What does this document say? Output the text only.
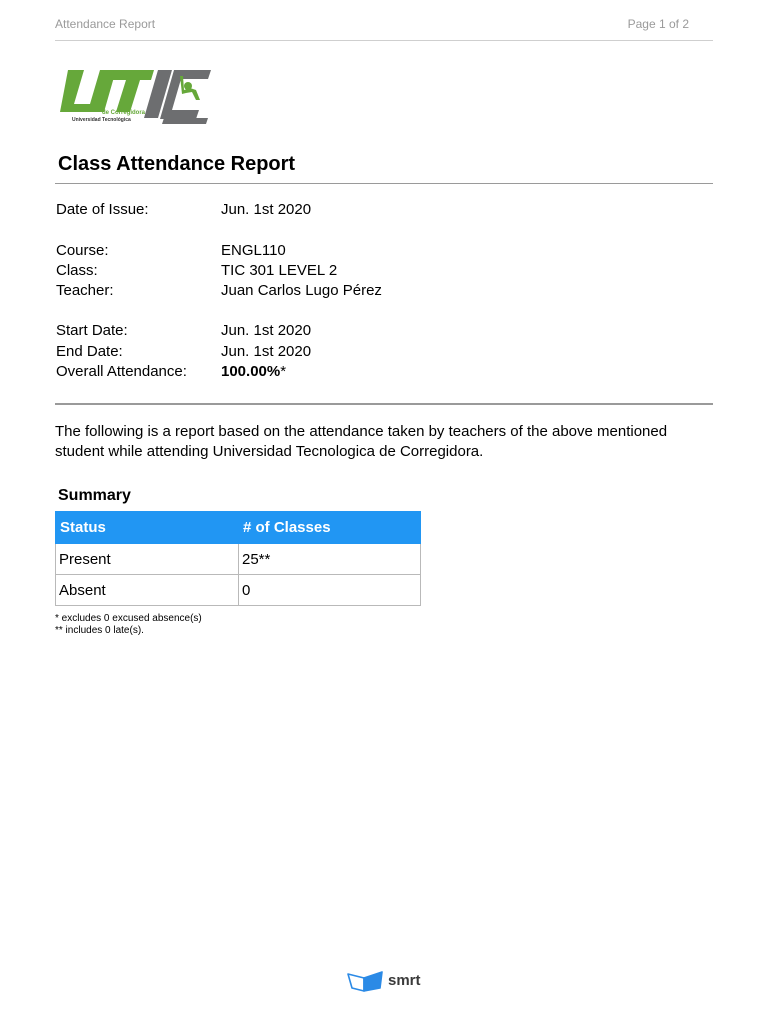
Attendance Report	Page 1 of 2
de Corregidora
Universidad Tecnológica
Class Attendance Report
Date of Issue:	Jun. 1st 2020
Course:	ENGL110
Class:	TIC 301 LEVEL 2
Teacher:	Juan Carlos Lugo Pérez
Start Date:	Jun. 1st 2020
End Date:	Jun. 1st 2020
Overall Attendance: 100.00%*
The following is a report based on the attendance taken by teachers of the above mentioned student while attending Universidad Tecnologica de Corregidora.
Summary
Status	# of Classes
Present	25**
Absent	0
* excludes 0 excused absence(s)
** includes 0 late(s).
smrt
